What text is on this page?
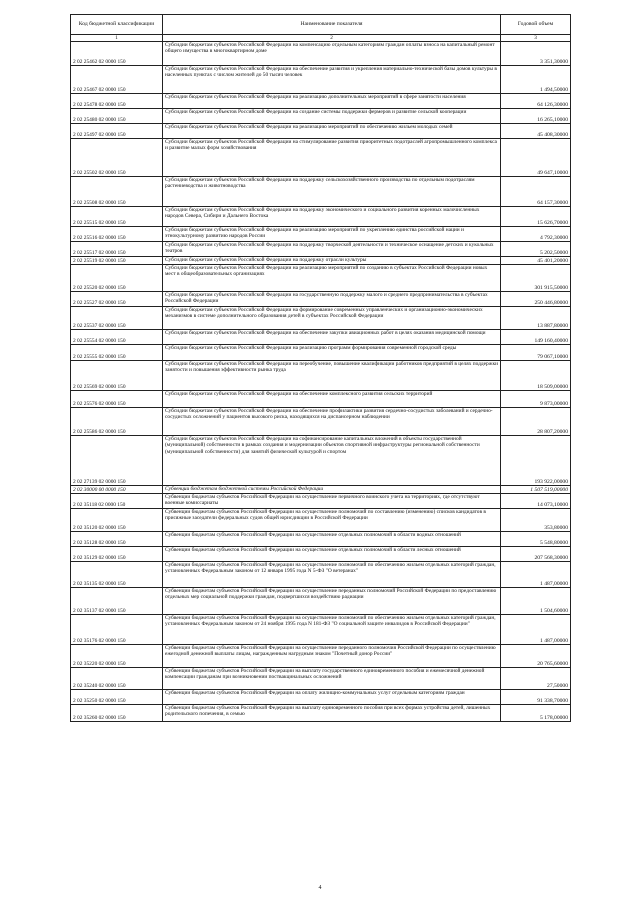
Код бюджетной классификации	Наименование показателя	Годовой объем
1	2	3
2 02 25462 02 0000 150	Субсидии бюджетам субъектов Российской Федерации на компенсацию отдельным категориям граждан оплаты взноса на капитальный ремонт общего имущества в многоквартирном доме	3 351,30000
2 02 25467 02 0000 150	Субсидии бюджетам субъектов Российской Федерации на обеспечение развития и укрепления материально-технической базы домов культуры в населенных пунктах с числом жителей до 50 тысяч человек	1 494,50000
2 02 25478 02 0000 150	Субсидии бюджетам субъектов Российской Федерации на реализацию дополнительных мероприятий в сфере занятости населения	64 126,30000
2 02 25480 02 0000 150	Субсидии бюджетам субъектов Российской Федерации на создание системы поддержки фермеров и развитие сельской кооперации	16 265,10000
2 02 25497 02 0000 150	Субсидии бюджетам субъектов Российской Федерации на реализацию мероприятий по обеспечению жильем молодых семей	45 408,30000
2 02 25502 02 0000 150	Субсидии бюджетам субъектов Российской Федерации на стимулирование развития приоритетных подотраслей агропромышленного комплекса и развитие малых форм хозяйствования	49 647,10000
2 02 25508 02 0000 150	Субсидии бюджетам субъектов Российской Федерации на поддержку сельскохозяйственного производства по отдельным подотраслям растениеводства и животноводства	64 157,30000
2 02 25515 02 0000 150	Субсидии бюджетам субъектов Российской Федерации на поддержку экономического и социального развития коренных малочисленных народов Севера, Сибири и Дальнего Востока	15 626,70000
2 02 25516 02 0000 150	Субсидии бюджетам субъектов Российской Федерации на реализацию мероприятий по укреплению единства российской нации и этнокультурному развитию народов России	4 792,30000
2 02 25517 02 0000 150	Субсидии бюджетам субъектов Российской Федерации на поддержку творческой деятельности и техническое оснащение детских и кукольных театров	5 202,50000
2 02 25519 02 0000 150	Субсидии бюджетам субъектов Российской Федерации на поддержку отрасли культуры	45 401,20000
2 02 25520 02 0000 150	Субсидии бюджетам субъектов Российской Федерации на реализацию мероприятий по созданию в субъектах Российской Федерации новых мест в общеобразовательных организациях	301 915,50000
2 02 25527 02 0000 150	Субсидии бюджетам субъектов Российской Федерации на государственную поддержку малого и среднего предпринимательства в субъектах Российской Федерации	250 446,80000
2 02 25537 02 0000 150	Субсидии бюджетам субъектов Российской Федерации на формирование современных управленческих и организационно-экономических механизмов в системе дополнительного образования детей в субъектах Российской Федерации	13 887,80000
2 02 25554 02 0000 150	Субсидии бюджетам субъектов Российской Федерации на обеспечение закупки авиационных работ в целях оказания медицинской помощи	149 160,40000
2 02 25555 02 0000 150	Субсидии бюджетам субъектов Российской Федерации на реализацию программ формирования современной городской среды	79 067,10000
2 02 25569 02 0000 150	Субсидии бюджетам субъектов Российской Федерации на переобучение, повышение квалификации работников предприятий в целях поддержки занятости и повышения эффективности рынка труда	18 509,00000
2 02 25576 02 0000 150	Субсидии бюджетам субъектов Российской Федерации на обеспечение комплексного развития сельских территорий	9 873,00000
2 02 25586 02 0000 150	Субсидии бюджетам субъектов Российской Федерации на обеспечение профилактики развития сердечно-сосудистых заболеваний и сердечно-сосудистых осложнений у пациентов высокого риска, находящихся на диспансерном наблюдении	28 807,20000
2 02 27139 02 0000 150	Субсидии бюджетам субъектов Российской Федерации на софинансирование капитальных вложений в объекты государственной (муниципальной) собственности в рамках создания и модернизации объектов спортивной инфраструктуры региональной собственности (муниципальной собственности) для занятий физической культурой и спортом	193 922,00000
2 02 30000 00 0000 150	Субвенции бюджетам бюджетной системы Российской Федерации	1 507 519,00000
2 02 35118 02 0000 150	Субвенции бюджетам субъектов Российской Федерации на осуществление первичного воинского учета на территориях, где отсутствуют военные комиссариаты	14 073,10000
2 02 35120 02 0000 150	Субвенции бюджетам субъектов Российской Федерации на осуществление полномочий по составлению (изменению) списков кандидатов в присяжные заседатели федеральных судов общей юрисдикции в Российской Федерации	353,80000
2 02 35128 02 0000 150	Субвенции бюджетам субъектов Российской Федерации на осуществление отдельных полномочий в области водных отношений	5 548,80000
2 02 35129 02 0000 150	Субвенции бюджетам субъектов Российской Федерации на осуществление отдельных полномочий в области лесных отношений	207 568,30000
2 02 35135 02 0000 150	Субвенции бюджетам субъектов Российской Федерации на осуществление полномочий по обеспечению жильем отдельных категорий граждан, установленных Федеральным законом от 12 января 1995 года N 5-ФЗ "О ветеранах"	1 487,00000
2 02 35137 02 0000 150	Субвенции бюджетам субъектов Российской Федерации на осуществление переданных полномочий Российской Федерации по предоставлению отдельных мер социальной поддержки граждан, подвергшихся воздействию радиации	1 504,60000
2 02 35176 02 0000 150	Субвенции бюджетам субъектов Российской Федерации на осуществление полномочий по обеспечению жильем отдельных категорий граждан, установленных Федеральным законом от 24 ноября 1995 года N 181-ФЗ "О социальной защите инвалидов в Российской Федерации"	1 487,00000
2 02 35220 02 0000 150	Субвенции бюджетам субъектов Российской Федерации на осуществление переданного полномочия Российской Федерации по осуществлению ежегодной денежной выплаты лицам, награжденным нагрудным знаком "Почетный донор России"	20 765,60000
2 02 35240 02 0000 150	Субвенции бюджетам субъектов Российской Федерации на выплату государственного единовременного пособия и ежемесячной денежной компенсации гражданам при возникновении поствакцинальных осложнений	27,50000
2 02 35250 02 0000 150	Субвенции бюджетам субъектов Российской Федерации на оплату жилищно-коммунальных услуг отдельным категориям граждан	91 338,70000
2 02 35260 02 0000 150	Субвенции бюджетам субъектов Российской Федерации на выплату единовременного пособия при всех формах устройства детей, лишенных родительского попечения, в семью	5 178,00000
4
